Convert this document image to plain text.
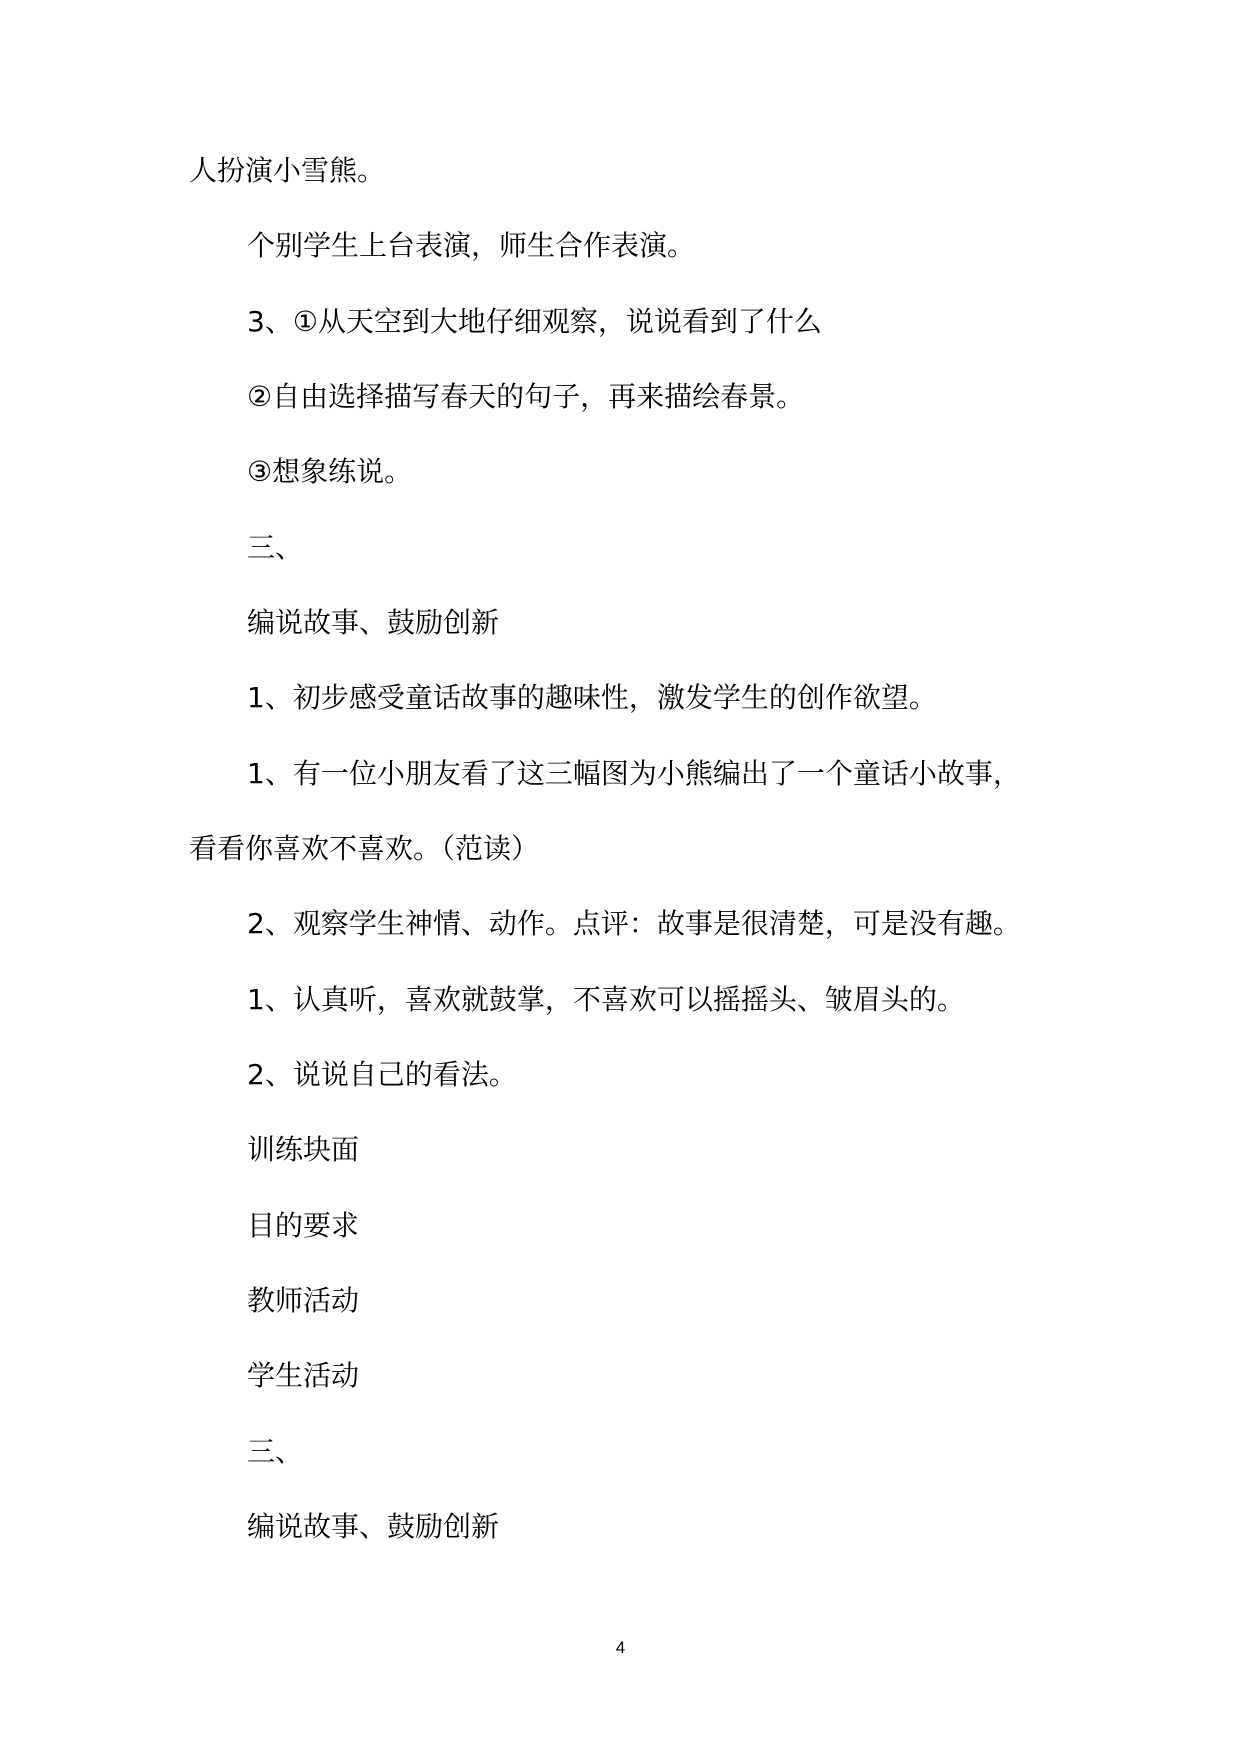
人扮演小雪熊。
个别学生上台表演，师生合作表演。
3、①从天空到大地仔细观察，说说看到了什么
②自由选择描写春天的句子，再来描绘春景。
③想象练说。
三、
编说故事、鼓励创新
1、初步感受童话故事的趣味性，激发学生的创作欲望。
1、有一位小朋友看了这三幅图为小熊编出了一个童话小故事，
看看你喜欢不喜欢。（范读）
2、观察学生神情、动作。点评：故事是很清楚，可是没有趣。
1、认真听，喜欢就鼓掌，不喜欢可以摇摇头、皱眉头的。
2、说说自己的看法。
训练块面
目的要求
教师活动
学生活动
三、
编说故事、鼓励创新
4
